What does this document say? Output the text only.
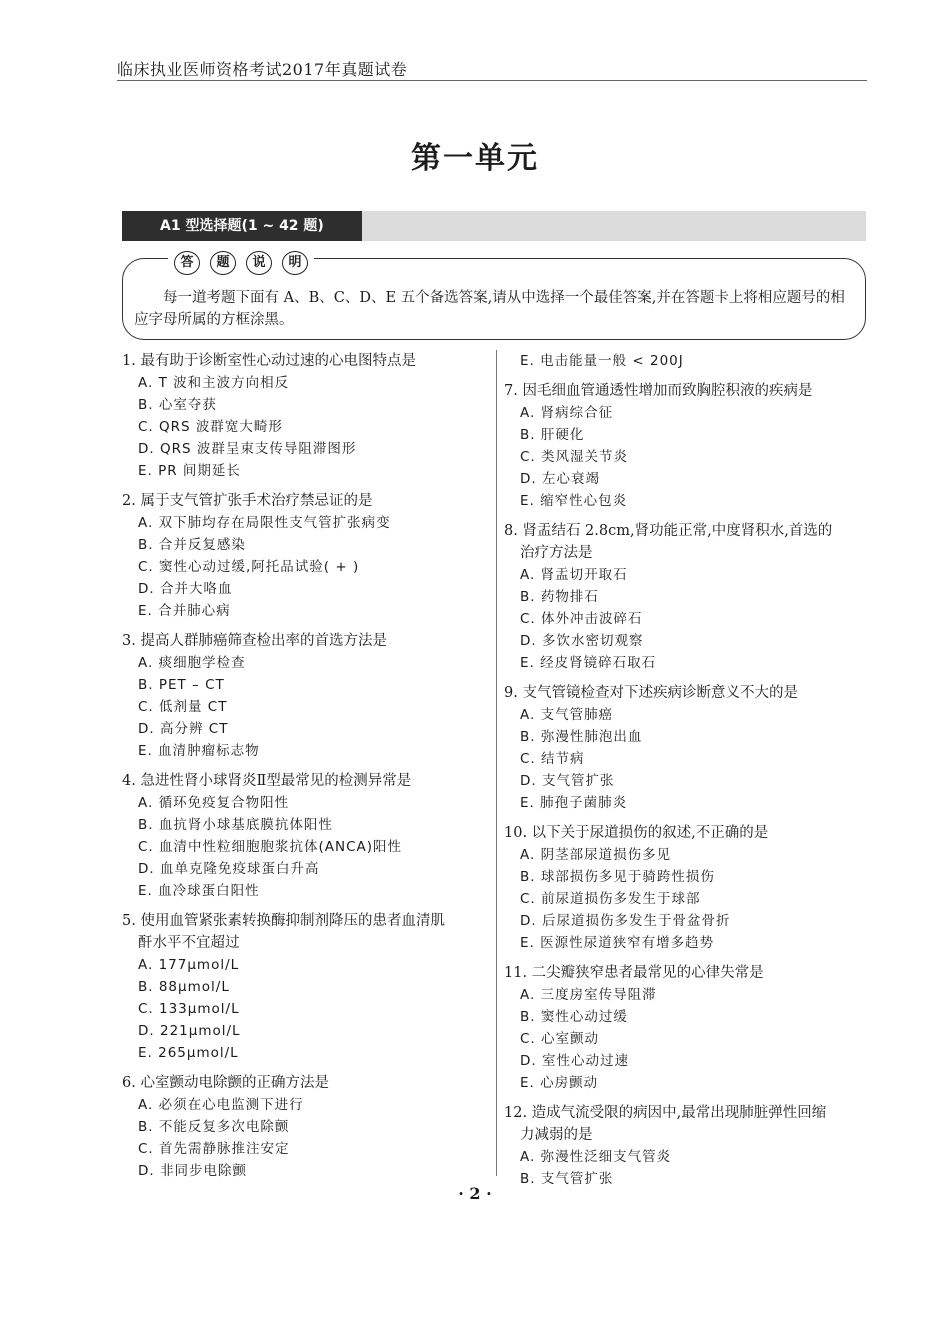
临床执业医师资格考试2017年真题试卷
第一单元
A1 型选择题(1 ~ 42 题)
答	题	说	明

每一道考题下面有 A、B、C、D、E 五个备选答案,请从中选择一个最佳答案,并在答题卡上将相应题号的相应字母所属的方框涂黑。

1. 最有助于诊断室性心动过速的心电图特点是
A. T 波和主波方向相反
B. 心室夺获
C. QRS 波群宽大畸形
D. QRS 波群呈束支传导阻滞图形
E. PR 间期延长
2. 属于支气管扩张手术治疗禁忌证的是
A. 双下肺均存在局限性支气管扩张病变
B. 合并反复感染
C. 窦性心动过缓,阿托品试验( + )
D. 合并大咯血
E. 合并肺心病
3. 提高人群肺癌筛查检出率的首选方法是
A. 痰细胞学检查
B. PET – CT
C. 低剂量 CT
D. 高分辨 CT
E. 血清肿瘤标志物
4. 急进性肾小球肾炎Ⅱ型最常见的检测异常是
A. 循环免疫复合物阳性
B. 血抗肾小球基底膜抗体阳性
C. 血清中性粒细胞胞浆抗体(ANCA)阳性
D. 血单克隆免疫球蛋白升高
E. 血冷球蛋白阳性
5. 使用血管紧张素转换酶抑制剂降压的患者血清肌
酐水平不宜超过
A. 177μmol/L
B. 88μmol/L
C. 133μmol/L
D. 221μmol/L
E. 265μmol/L
6. 心室颤动电除颤的正确方法是
A. 必须在心电监测下进行
B. 不能反复多次电除颤
C. 首先需静脉推注安定
D. 非同步电除颤
E. 电击能量一般 < 200J
7. 因毛细血管通透性增加而致胸腔积液的疾病是
A. 肾病综合征
B. 肝硬化
C. 类风湿关节炎
D. 左心衰竭
E. 缩窄性心包炎
8. 肾盂结石 2.8cm,肾功能正常,中度肾积水,首选的
治疗方法是
A. 肾盂切开取石
B. 药物排石
C. 体外冲击波碎石
D. 多饮水密切观察
E. 经皮肾镜碎石取石
9. 支气管镜检查对下述疾病诊断意义不大的是
A. 支气管肺癌
B. 弥漫性肺泡出血
C. 结节病
D. 支气管扩张
E. 肺孢子菌肺炎
10. 以下关于尿道损伤的叙述,不正确的是
A. 阴茎部尿道损伤多见
B. 球部损伤多见于骑跨性损伤
C. 前尿道损伤多发生于球部
D. 后尿道损伤多发生于骨盆骨折
E. 医源性尿道狭窄有增多趋势
11. 二尖瓣狭窄患者最常见的心律失常是
A. 三度房室传导阻滞
B. 窦性心动过缓
C. 心室颤动
D. 室性心动过速
E. 心房颤动
12. 造成气流受限的病因中,最常出现肺脏弹性回缩
力减弱的是
A. 弥漫性泛细支气管炎
B. 支气管扩张
· 2 ·
